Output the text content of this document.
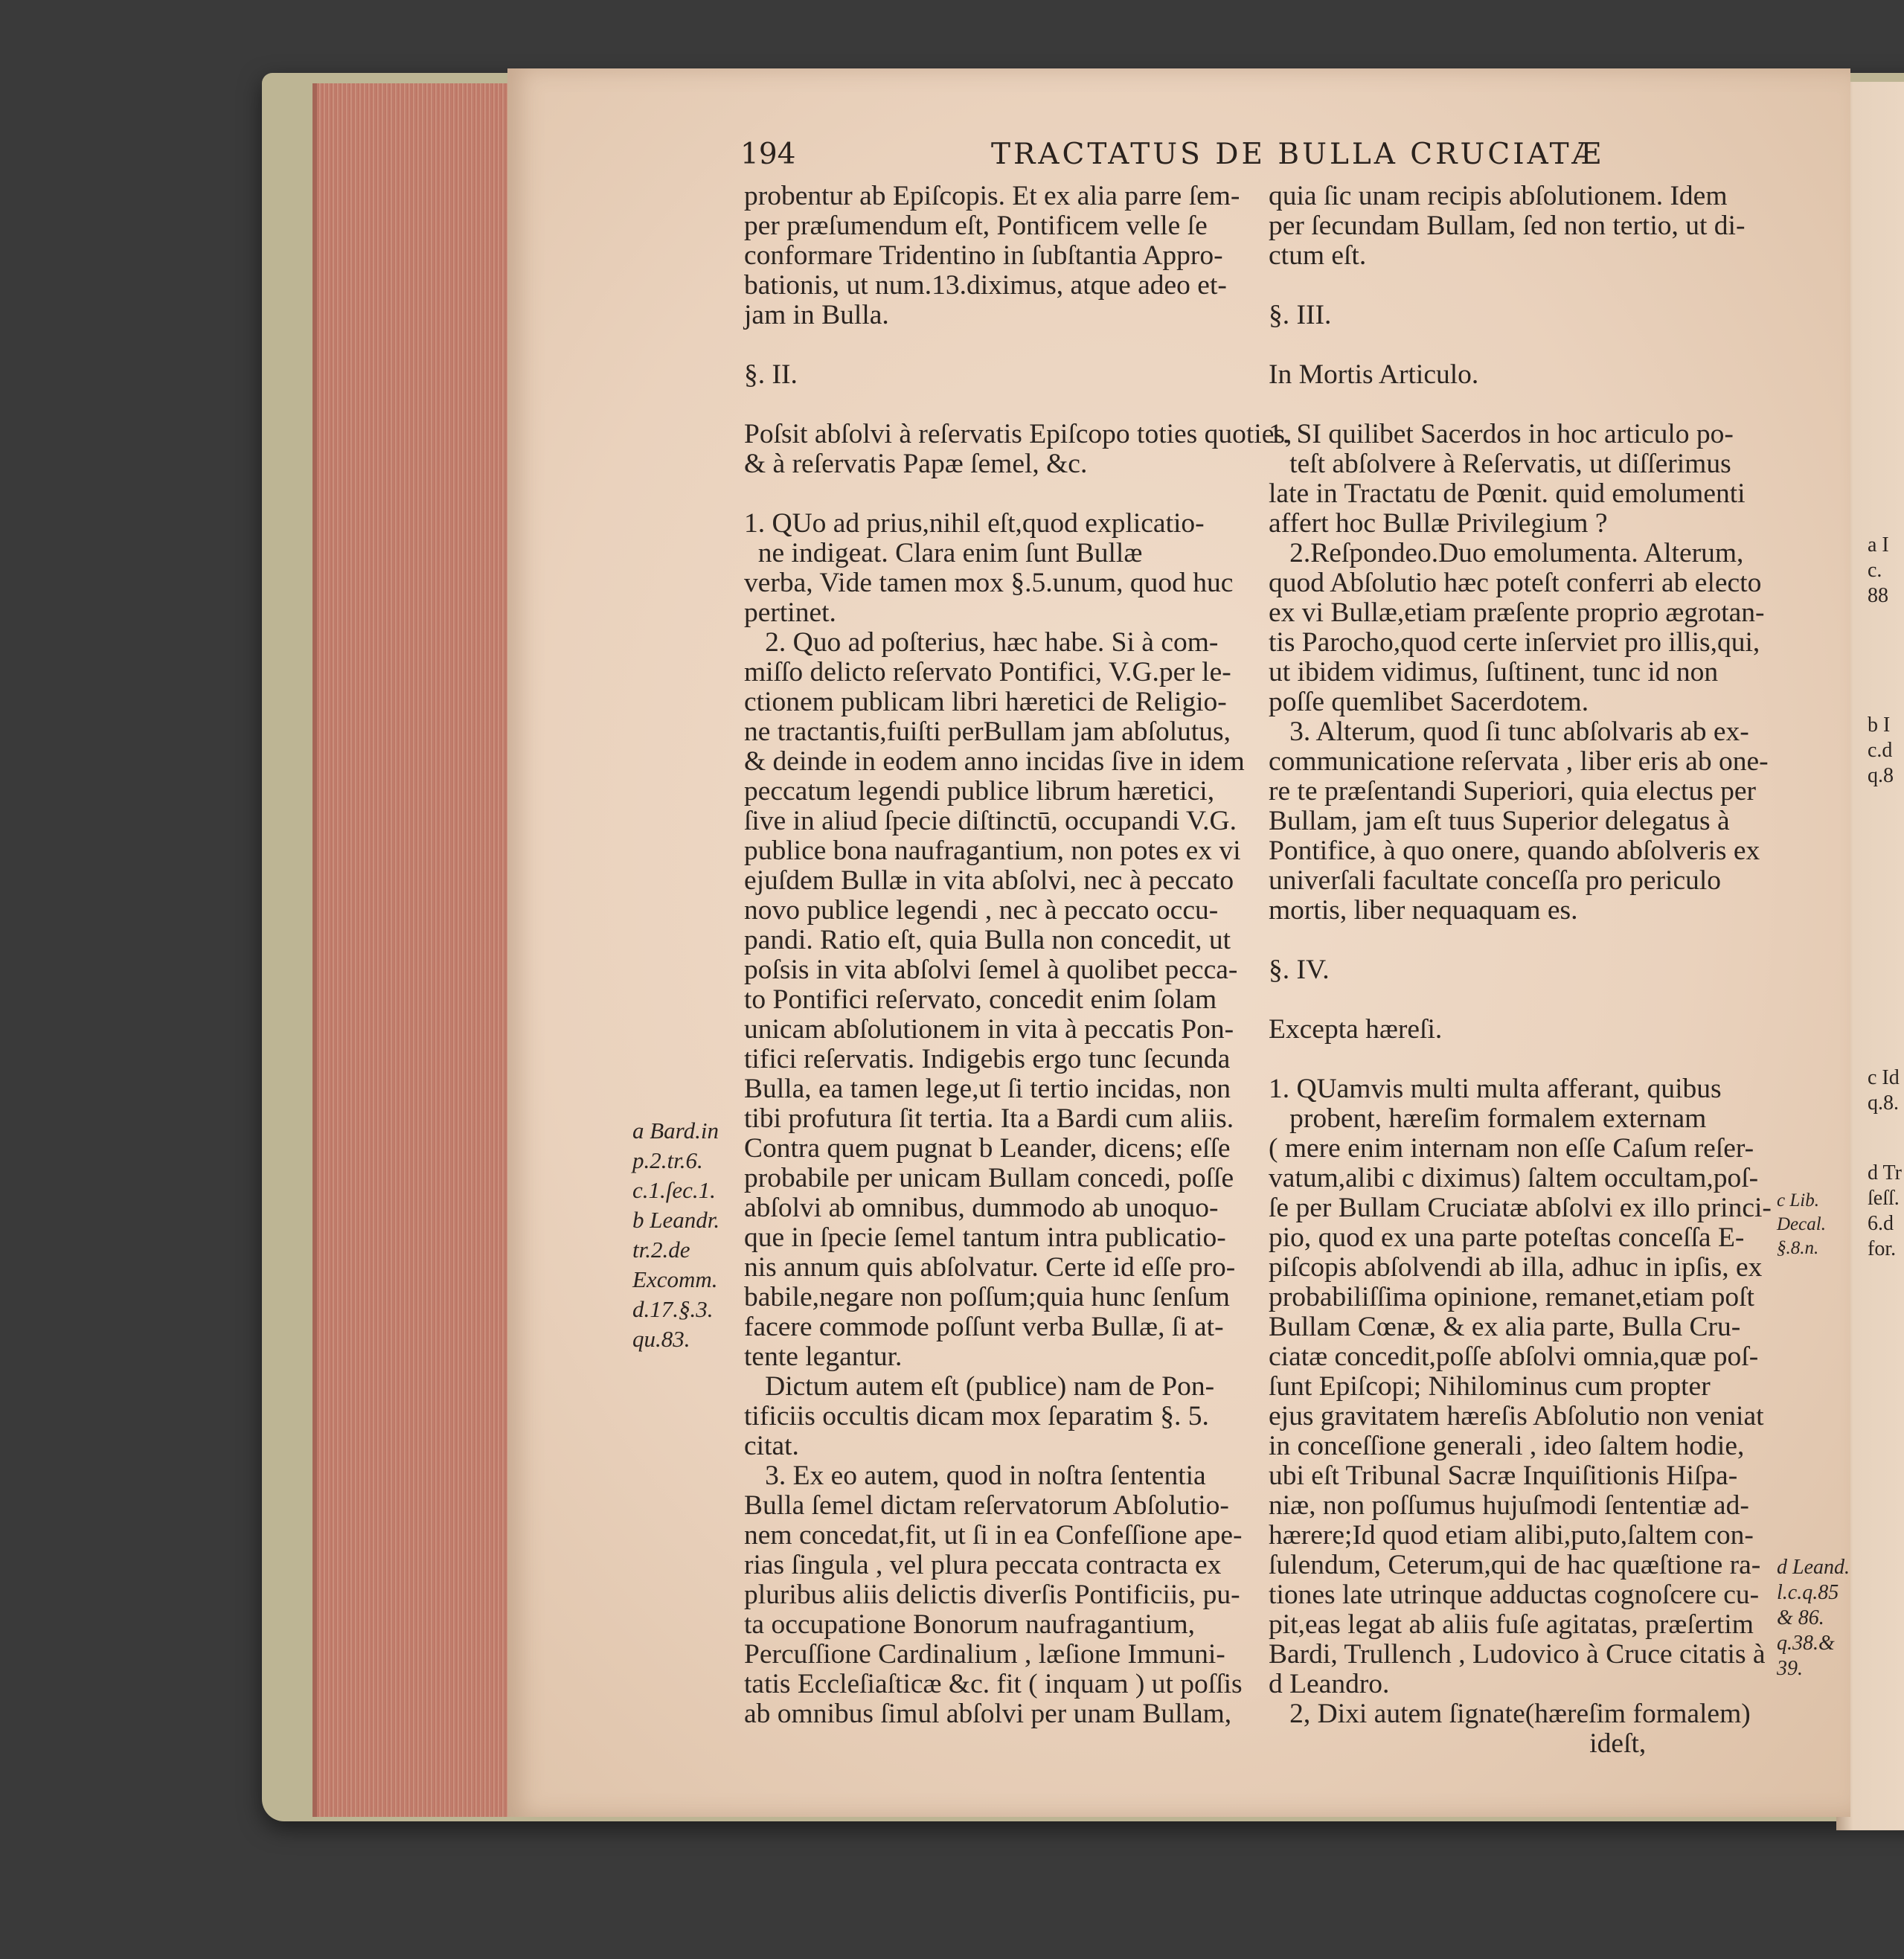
194	TRACTATUS DE BULLA CRUCIATÆ
probentur ab Epiſcopis. Et ex alia parre ſem-
per præſumendum eſt, Pontificem velle ſe
conformare Tridentino in ſubſtantia Appro-
bationis, ut num.13.diximus, atque adeo et-
jam in Bulla.

§. II.

Poſsit abſolvi à reſervatis Epiſcopo toties quoties,
& à reſervatis Papæ ſemel, &c.

1. QUo ad prius,nihil eſt,quod explicatio-
ne indigeat. Clara enim ſunt Bullæ
verba, Vide tamen mox §.5.unum, quod huc
pertinet.
2. Quo ad poſterius, hæc habe. Si à com-
miſſo delicto reſervato Pontifici, V.G.per le-
ctionem publicam libri hæretici de Religio-
ne tractantis,fuiſti perBullam jam abſolutus,
& deinde in eodem anno incidas ſive in idem
peccatum legendi publice librum hæretici,
ſive in aliud ſpecie diſtinctū, occupandi V.G.
publice bona naufragantium, non potes ex vi
ejuſdem Bullæ in vita abſolvi, nec à peccato
novo publice legendi , nec à peccato occu-
pandi. Ratio eſt, quia Bulla non concedit, ut
poſsis in vita abſolvi ſemel à quolibet pecca-
to Pontifici reſervato, concedit enim ſolam
unicam abſolutionem in vita à peccatis Pon-
tifici reſervatis. Indigebis ergo tunc ſecunda
Bulla, ea tamen lege,ut ſi tertio incidas, non
tibi profutura ſit tertia. Ita a Bardi cum aliis.
Contra quem pugnat b Leander, dicens; eſſe
probabile per unicam Bullam concedi, poſſe
abſolvi ab omnibus, dummodo ab unoquo-
que in ſpecie ſemel tantum intra publicatio-
nis annum quis abſolvatur. Certe id eſſe pro-
babile,negare non poſſum;quia hunc ſenſum
facere commode poſſunt verba Bullæ, ſi at-
tente legantur.
Dictum autem eſt (publice) nam de Pon-
tificiis occultis dicam mox ſeparatim §. 5.
citat.
3. Ex eo autem, quod in noſtra ſententia
Bulla ſemel dictam reſervatorum Abſolutio-
nem concedat,fit, ut ſi in ea Confeſſione ape-
rias ſingula , vel plura peccata contracta ex
pluribus aliis delictis diverſis Pontificiis, pu-
ta occupatione Bonorum naufragantium,
Percuſſione Cardinalium , læſione Immuni-
tatis Eccleſiaſticæ &c. fit ( inquam ) ut poſſis
ab omnibus ſimul abſolvi per unam Bullam,
quia ſic unam recipis abſolutionem. Idem
per ſecundam Bullam, ſed non tertio, ut di-
ctum eſt.

§. III.

In Mortis Articulo.

1. SI quilibet Sacerdos in hoc articulo po-
teſt abſolvere à Reſervatis, ut diſſerimus
late in Tractatu de Pœnit. quid emolumenti
affert hoc Bullæ Privilegium ?
2.Reſpondeo.Duo emolumenta. Alterum,
quod Abſolutio hæc poteſt conferri ab electo
ex vi Bullæ,etiam præſente proprio ægrotan-
tis Parocho,quod certe inſerviet pro illis,qui,
ut ibidem vidimus, ſuſtinent, tunc id non
poſſe quemlibet Sacerdotem.
3. Alterum, quod ſi tunc abſolvaris ab ex-
communicatione reſervata , liber eris ab one-
re te præſentandi Superiori, quia electus per
Bullam, jam eſt tuus Superior delegatus à
Pontifice, à quo onere, quando abſolveris ex
univerſali facultate conceſſa pro periculo
mortis, liber nequaquam es.

§. IV.

Excepta hæreſi.

1. QUamvis multi multa afferant, quibus
probent, hæreſim formalem externam
( mere enim internam non eſſe Caſum reſer-
vatum,alibi c diximus) ſaltem occultam,poſ-
ſe per Bullam Cruciatæ abſolvi ex illo princi-
pio, quod ex una parte poteſtas conceſſa E-
piſcopis abſolvendi ab illa, adhuc in ipſis, ex
probabiliſſima opinione, remanet,etiam poſt
Bullam Cœnæ, & ex alia parte, Bulla Cru-
ciatæ concedit,poſſe abſolvi omnia,quæ poſ-
ſunt Epiſcopi; Nihilominus cum propter
ejus gravitatem hæreſis Abſolutio non veniat
in conceſſione generali , ideo ſaltem hodie,
ubi eſt Tribunal Sacræ Inquiſitionis Hiſpa-
niæ, non poſſumus hujuſmodi ſententiæ ad-
hærere;Id quod etiam alibi,puto,ſaltem con-
ſulendum, Ceterum,qui de hac quæſtione ra-
tiones late utrinque adductas cognoſcere cu-
pit,eas legat ab aliis fuſe agitatas, præſertim
Bardi, Trullench , Ludovico à Cruce citatis à
d Leandro.
2, Dixi autem ſignate(hæreſim formalem)
ideſt,
a Bard.in
p.2.tr.6.
c.1.ſec.1.
b Leandr.
tr.2.de
Excomm.
d.17.§.3.
qu.83.
c Lib.
Decal.
§.8.n.
d Leand.
l.c.q.85
& 86.
q.38.&
39.
a I
c.
88
b I
c.d
q.8
c Id
q.8.
d Tr
ſeſſ.
6.d
for.
